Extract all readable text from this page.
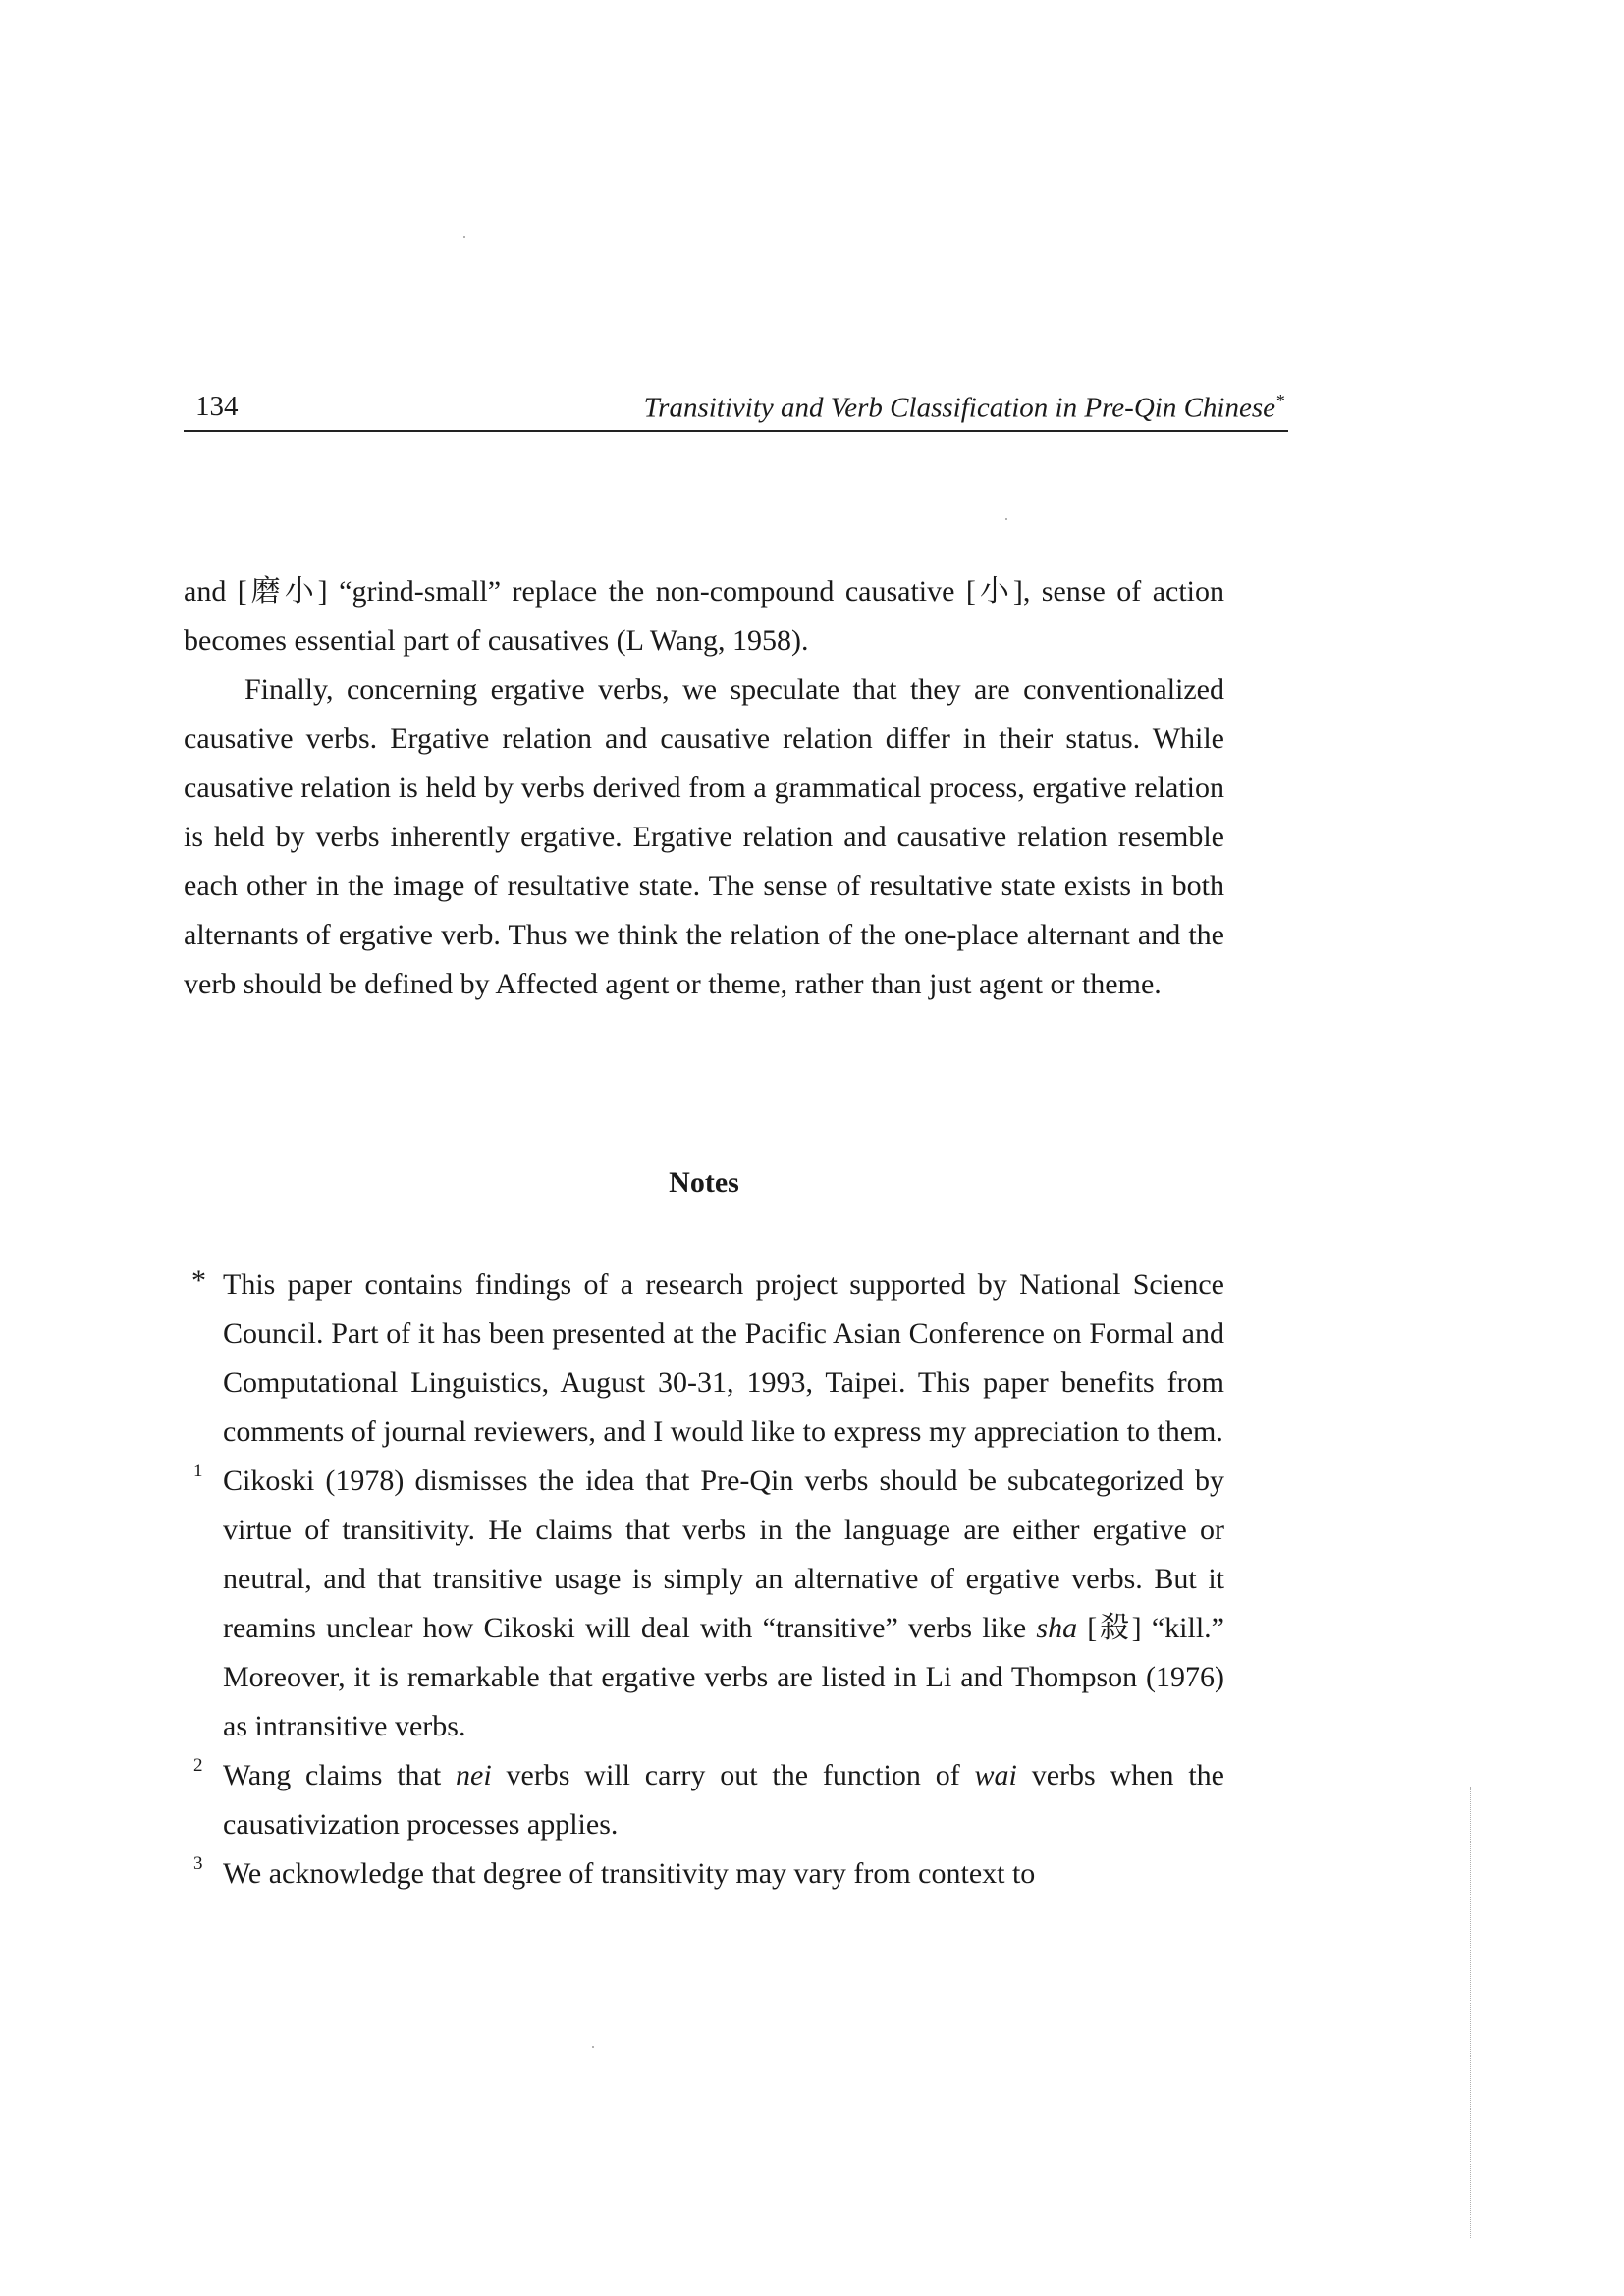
134	Transitivity and Verb Classification in Pre-Qin Chinese*

and [磨小] “grind-small” replace the non-compound causative [小], sense of action becomes essential part of causatives (L Wang, 1958).

Finally, concerning ergative verbs, we speculate that they are conventionalized causative verbs. Ergative relation and causative relation differ in their status. While causative relation is held by verbs derived from a grammatical process, ergative relation is held by verbs inherently ergative. Ergative relation and causative relation resemble each other in the image of resultative state. The sense of resultative state exists in both alternants of ergative verb. Thus we think the relation of the one-place alternant and the verb should be defined by Affected agent or theme, rather than just agent or theme.

Notes
* This paper contains findings of a research project supported by National Science Council. Part of it has been presented at the Pacific Asian Conference on Formal and Computational Linguistics, August 30-31, 1993, Taipei. This paper benefits from comments of journal reviewers, and I would like to express my appreciation to them.
1 Cikoski (1978) dismisses the idea that Pre-Qin verbs should be subcategorized by virtue of transitivity. He claims that verbs in the language are either ergative or neutral, and that transitive usage is simply an alternative of ergative verbs. But it reamins unclear how Cikoski will deal with “transitive” verbs like sha [殺] “kill.” Moreover, it is remarkable that ergative verbs are listed in Li and Thompson (1976) as intransitive verbs.
2 Wang claims that nei verbs will carry out the function of wai verbs when the causativization processes applies.
3 We acknowledge that degree of transitivity may vary from context to
